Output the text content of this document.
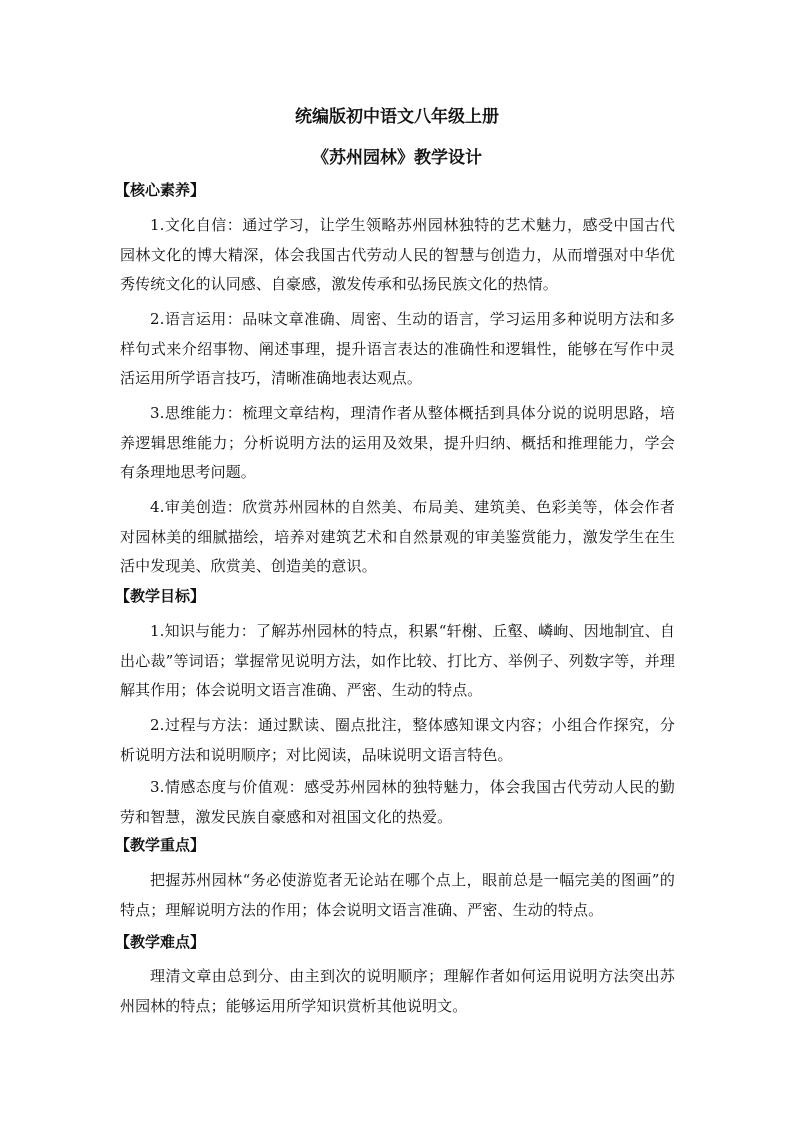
统编版初中语文八年级上册
《苏州园林》教学设计
【核心素养】
1.文化自信：通过学习，让学生领略苏州园林独特的艺术魅力，感受中国古代园林文化的博大精深，体会我国古代劳动人民的智慧与创造力，从而增强对中华优秀传统文化的认同感、自豪感，激发传承和弘扬民族文化的热情。
2.语言运用：品味文章准确、周密、生动的语言，学习运用多种说明方法和多样句式来介绍事物、阐述事理，提升语言表达的准确性和逻辑性，能够在写作中灵活运用所学语言技巧，清晰准确地表达观点。
3.思维能力：梳理文章结构，理清作者从整体概括到具体分说的说明思路，培养逻辑思维能力；分析说明方法的运用及效果，提升归纳、概括和推理能力，学会有条理地思考问题。
4.审美创造：欣赏苏州园林的自然美、布局美、建筑美、色彩美等，体会作者对园林美的细腻描绘，培养对建筑艺术和自然景观的审美鉴赏能力，激发学生在生活中发现美、欣赏美、创造美的意识。
【教学目标】
1.知识与能力：了解苏州园林的特点，积累“轩榭、丘壑、嶙峋、因地制宜、自出心裁”等词语；掌握常见说明方法，如作比较、打比方、举例子、列数字等，并理解其作用；体会说明文语言准确、严密、生动的特点。
2.过程与方法：通过默读、圈点批注，整体感知课文内容；小组合作探究，分析说明方法和说明顺序；对比阅读，品味说明文语言特色。
3.情感态度与价值观：感受苏州园林的独特魅力，体会我国古代劳动人民的勤劳和智慧，激发民族自豪感和对祖国文化的热爱。
【教学重点】
把握苏州园林“务必使游览者无论站在哪个点上，眼前总是一幅完美的图画”的特点；理解说明方法的作用；体会说明文语言准确、严密、生动的特点。
【教学难点】
理清文章由总到分、由主到次的说明顺序；理解作者如何运用说明方法突出苏州园林的特点；能够运用所学知识赏析其他说明文。
